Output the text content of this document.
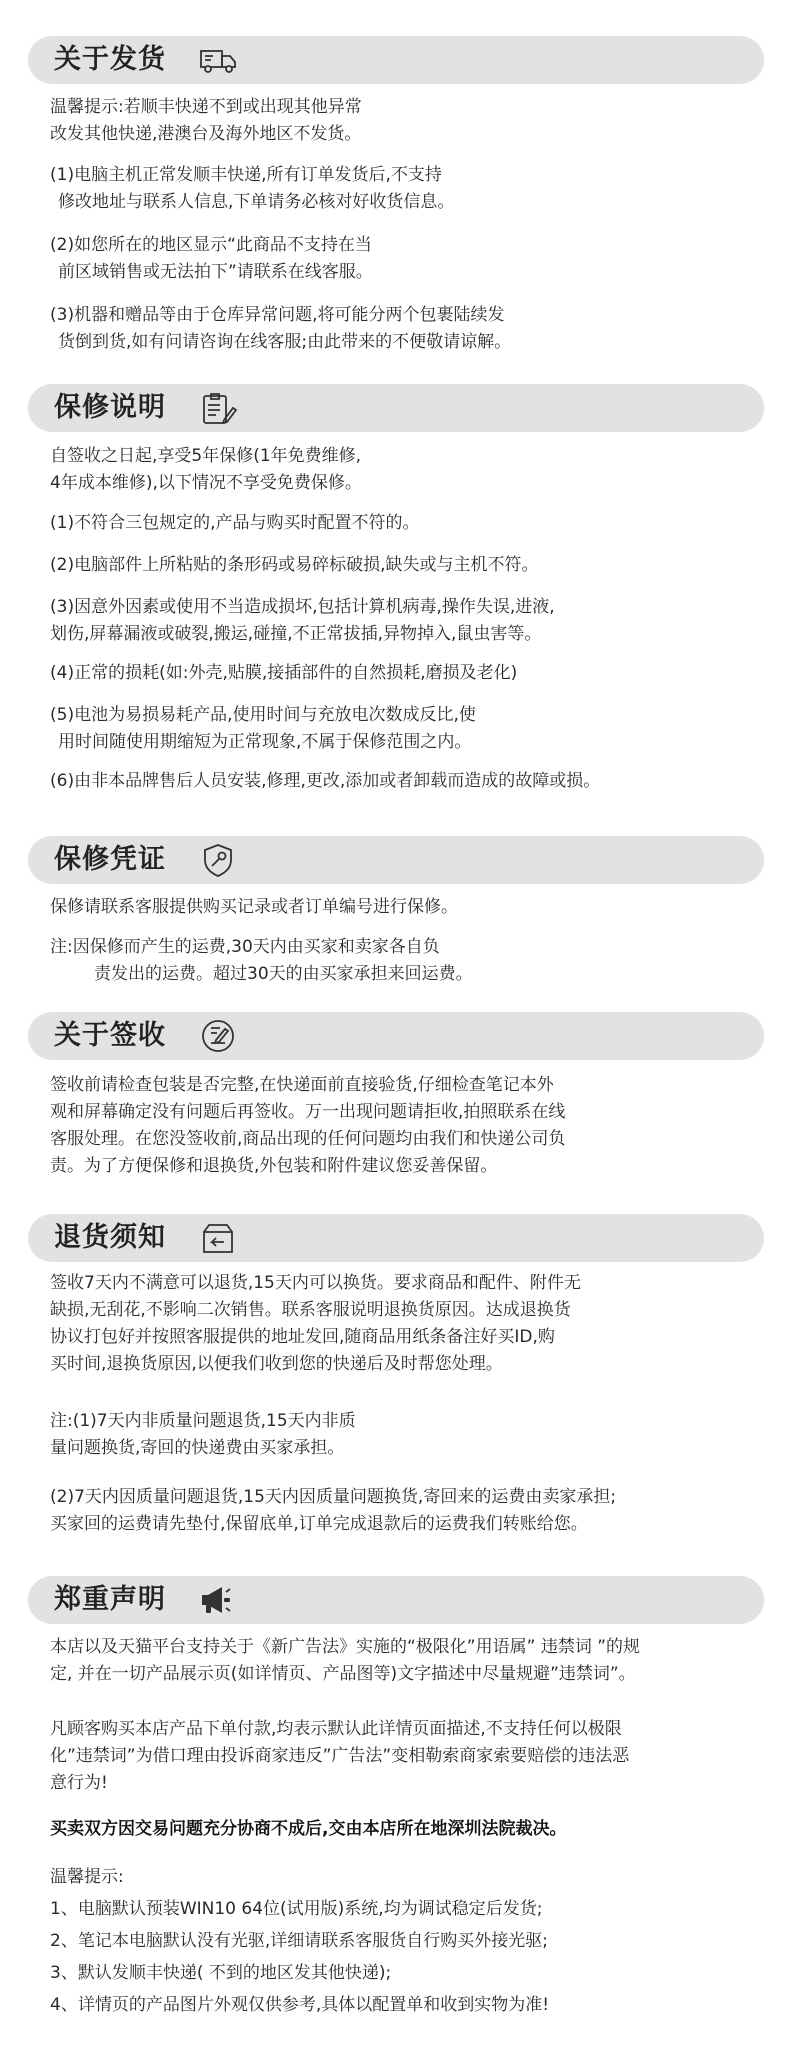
关于发货
温馨提示:若顺丰快递不到或出现其他异常
改发其他快递,港澳台及海外地区不发货。
(1)电脑主机正常发顺丰快递,所有订单发货后,不支持
修改地址与联系人信息,下单请务必核对好收货信息。
(2)如您所在的地区显示“此商品不支持在当
前区域销售或无法拍下”请联系在线客服。
(3)机器和赠品等由于仓库异常问题,将可能分两个包裹陆续发
货倒到货,如有问请咨询在线客服;由此带来的不便敬请谅解。
保修说明
自签收之日起,享受5年保修(1年免费维修,
4年成本维修),以下情况不享受免费保修。
(1)不符合三包规定的,产品与购买时配置不符的。
(2)电脑部件上所粘贴的条形码或易碎标破损,缺失或与主机不符。
(3)因意外因素或使用不当造成损坏,包括计算机病毒,操作失误,进液,
划伤,屏幕漏液或破裂,搬运,碰撞,不正常拔插,异物掉入,鼠虫害等。
(4)正常的损耗(如:外壳,贴膜,接插部件的自然损耗,磨损及老化)
(5)电池为易损易耗产品,使用时间与充放电次数成反比,使
用时间随使用期缩短为正常现象,不属于保修范围之内。
(6)由非本品牌售后人员安装,修理,更改,添加或者卸载而造成的故障或损。
保修凭证
保修请联系客服提供购买记录或者订单编号进行保修。
注:因保修而产生的运费,30天内由买家和卖家各自负
责发出的运费。超过30天的由买家承担来回运费。
关于签收
签收前请检查包装是否完整,在快递面前直接验货,仔细检查笔记本外
观和屏幕确定没有问题后再签收。万一出现问题请拒收,拍照联系在线
客服处理。在您没签收前,商品出现的任何问题均由我们和快递公司负
责。为了方便保修和退换货,外包装和附件建议您妥善保留。
退货须知
签收7天内不满意可以退货,15天内可以换货。要求商品和配件、附件无
缺损,无刮花,不影响二次销售。联系客服说明退换货原因。达成退换货
协议打包好并按照客服提供的地址发回,随商品用纸条备注好买ID,购
买时间,退换货原因,以便我们收到您的快递后及时帮您处理。
注:(1)7天内非质量问题退货,15天内非质
量问题换货,寄回的快递费由买家承担。
(2)7天内因质量问题退货,15天内因质量问题换货,寄回来的运费由卖家承担;
买家回的运费请先垫付,保留底单,订单完成退款后的运费我们转账给您。
郑重声明
本店以及天猫平台支持关于《新广告法》实施的“极限化”用语属” 违禁词 ”的规
定, 并在一切产品展示页(如详情页、产品图等)文字描述中尽量规避”违禁词”。
凡顾客购买本店产品下单付款,均表示默认此详情页面描述,不支持任何以极限
化”违禁词”为借口理由投诉商家违反”广告法”变相勒索商家索要赔偿的违法恶
意行为!
买卖双方因交易问题充分协商不成后,交由本店所在地深圳法院裁决。
温馨提示:
1、电脑默认预装WIN10 64位(试用版)系统,均为调试稳定后发货;
2、笔记本电脑默认没有光驱,详细请联系客服货自行购买外接光驱;
3、默认发顺丰快递( 不到的地区发其他快递);
4、详情页的产品图片外观仅供参考,具体以配置单和收到实物为准!
